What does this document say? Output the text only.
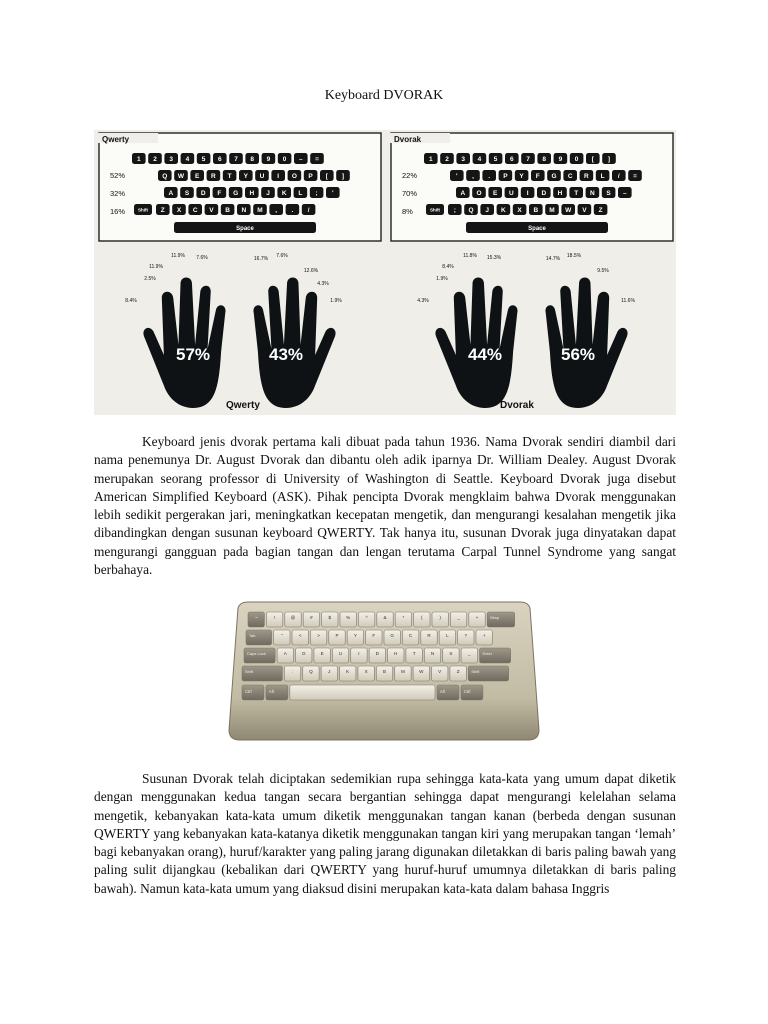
Keyboard DVORAK
Qwerty
52%
32%
16%
1 2 3 4 5 6 7 8 9 0 – =
Q W E R T Y U I O P [ ]
A S D F G H J K L ; '
Shift Z X C V B N M , . /
Space
57%	43%
8.4%
11.9%
11.9% 7.6%	16.7% 7.6%
12.6%
1.9%
2.5%
4.3%
Qwerty
Dvorak
22%
70%
8%
1 2 3 4 5 6 7 8 9 0 [ ]
' , . P Y F G C R L / =
A O E U I D H T N S –
Shift ; Q J K X B M W V Z
Space
44%	56%
4.3%
8.4%
11.8% 15.3%	14.7% 18.5%
9.5%
11.6%
1.9%
Dvorak

Keyboard jenis dvorak pertama kali dibuat pada tahun 1936. Nama Dvorak sendiri diambil dari nama penemunya Dr. August Dvorak dan dibantu oleh adik iparnya Dr. William Dealey. August Dvorak merupakan seorang professor di University of Washington di Seattle. Keyboard Dvorak juga disebut American Simplified Keyboard (ASK). Pihak pencipta Dvorak mengklaim bahwa Dvorak menggunakan lebih sedikit pergerakan jari, meningkatkan kecepatan mengetik, dan mengurangi kesalahan mengetik jika dibandingkan dengan susunan keyboard QWERTY. Tak hanya itu, susunan Dvorak juga dinyatakan dapat mengurangi gangguan pada bagian tangan dan lengan terutama Carpal Tunnel Syndrome yang sangat berbahaya.

~	!	@	#	$	%	^	&	*	(	)	_	+	Bksp
Tab	"	<	>	P	Y	F	G	C	R	L	?	+
Caps Lock	A	O	E	U	I	D	H	T	N	S	_	Enter
Shift	:	Q	J	K	X	B	M	W	V	Z	Shift
Ctrl	Alt	Alt	Ctrl

Susunan Dvorak telah diciptakan sedemikian rupa sehingga kata-kata yang umum dapat diketik dengan menggunakan kedua tangan secara bergantian sehingga dapat mengurangi kelelahan selama mengetik, kebanyakan kata-kata umum diketik menggunakan tangan kanan (berbeda dengan susunan QWERTY yang kebanyakan kata-katanya diketik menggunakan tangan kiri yang merupakan tangan ‘lemah’ bagi kebanyakan orang), huruf/karakter yang paling jarang digunakan diletakkan di baris paling bawah yang paling sulit dijangkau (kebalikan dari QWERTY yang huruf-huruf umumnya diletakkan di baris paling bawah). Namun kata-kata umum yang diaksud disini merupakan kata-kata dalam bahasa Inggris
